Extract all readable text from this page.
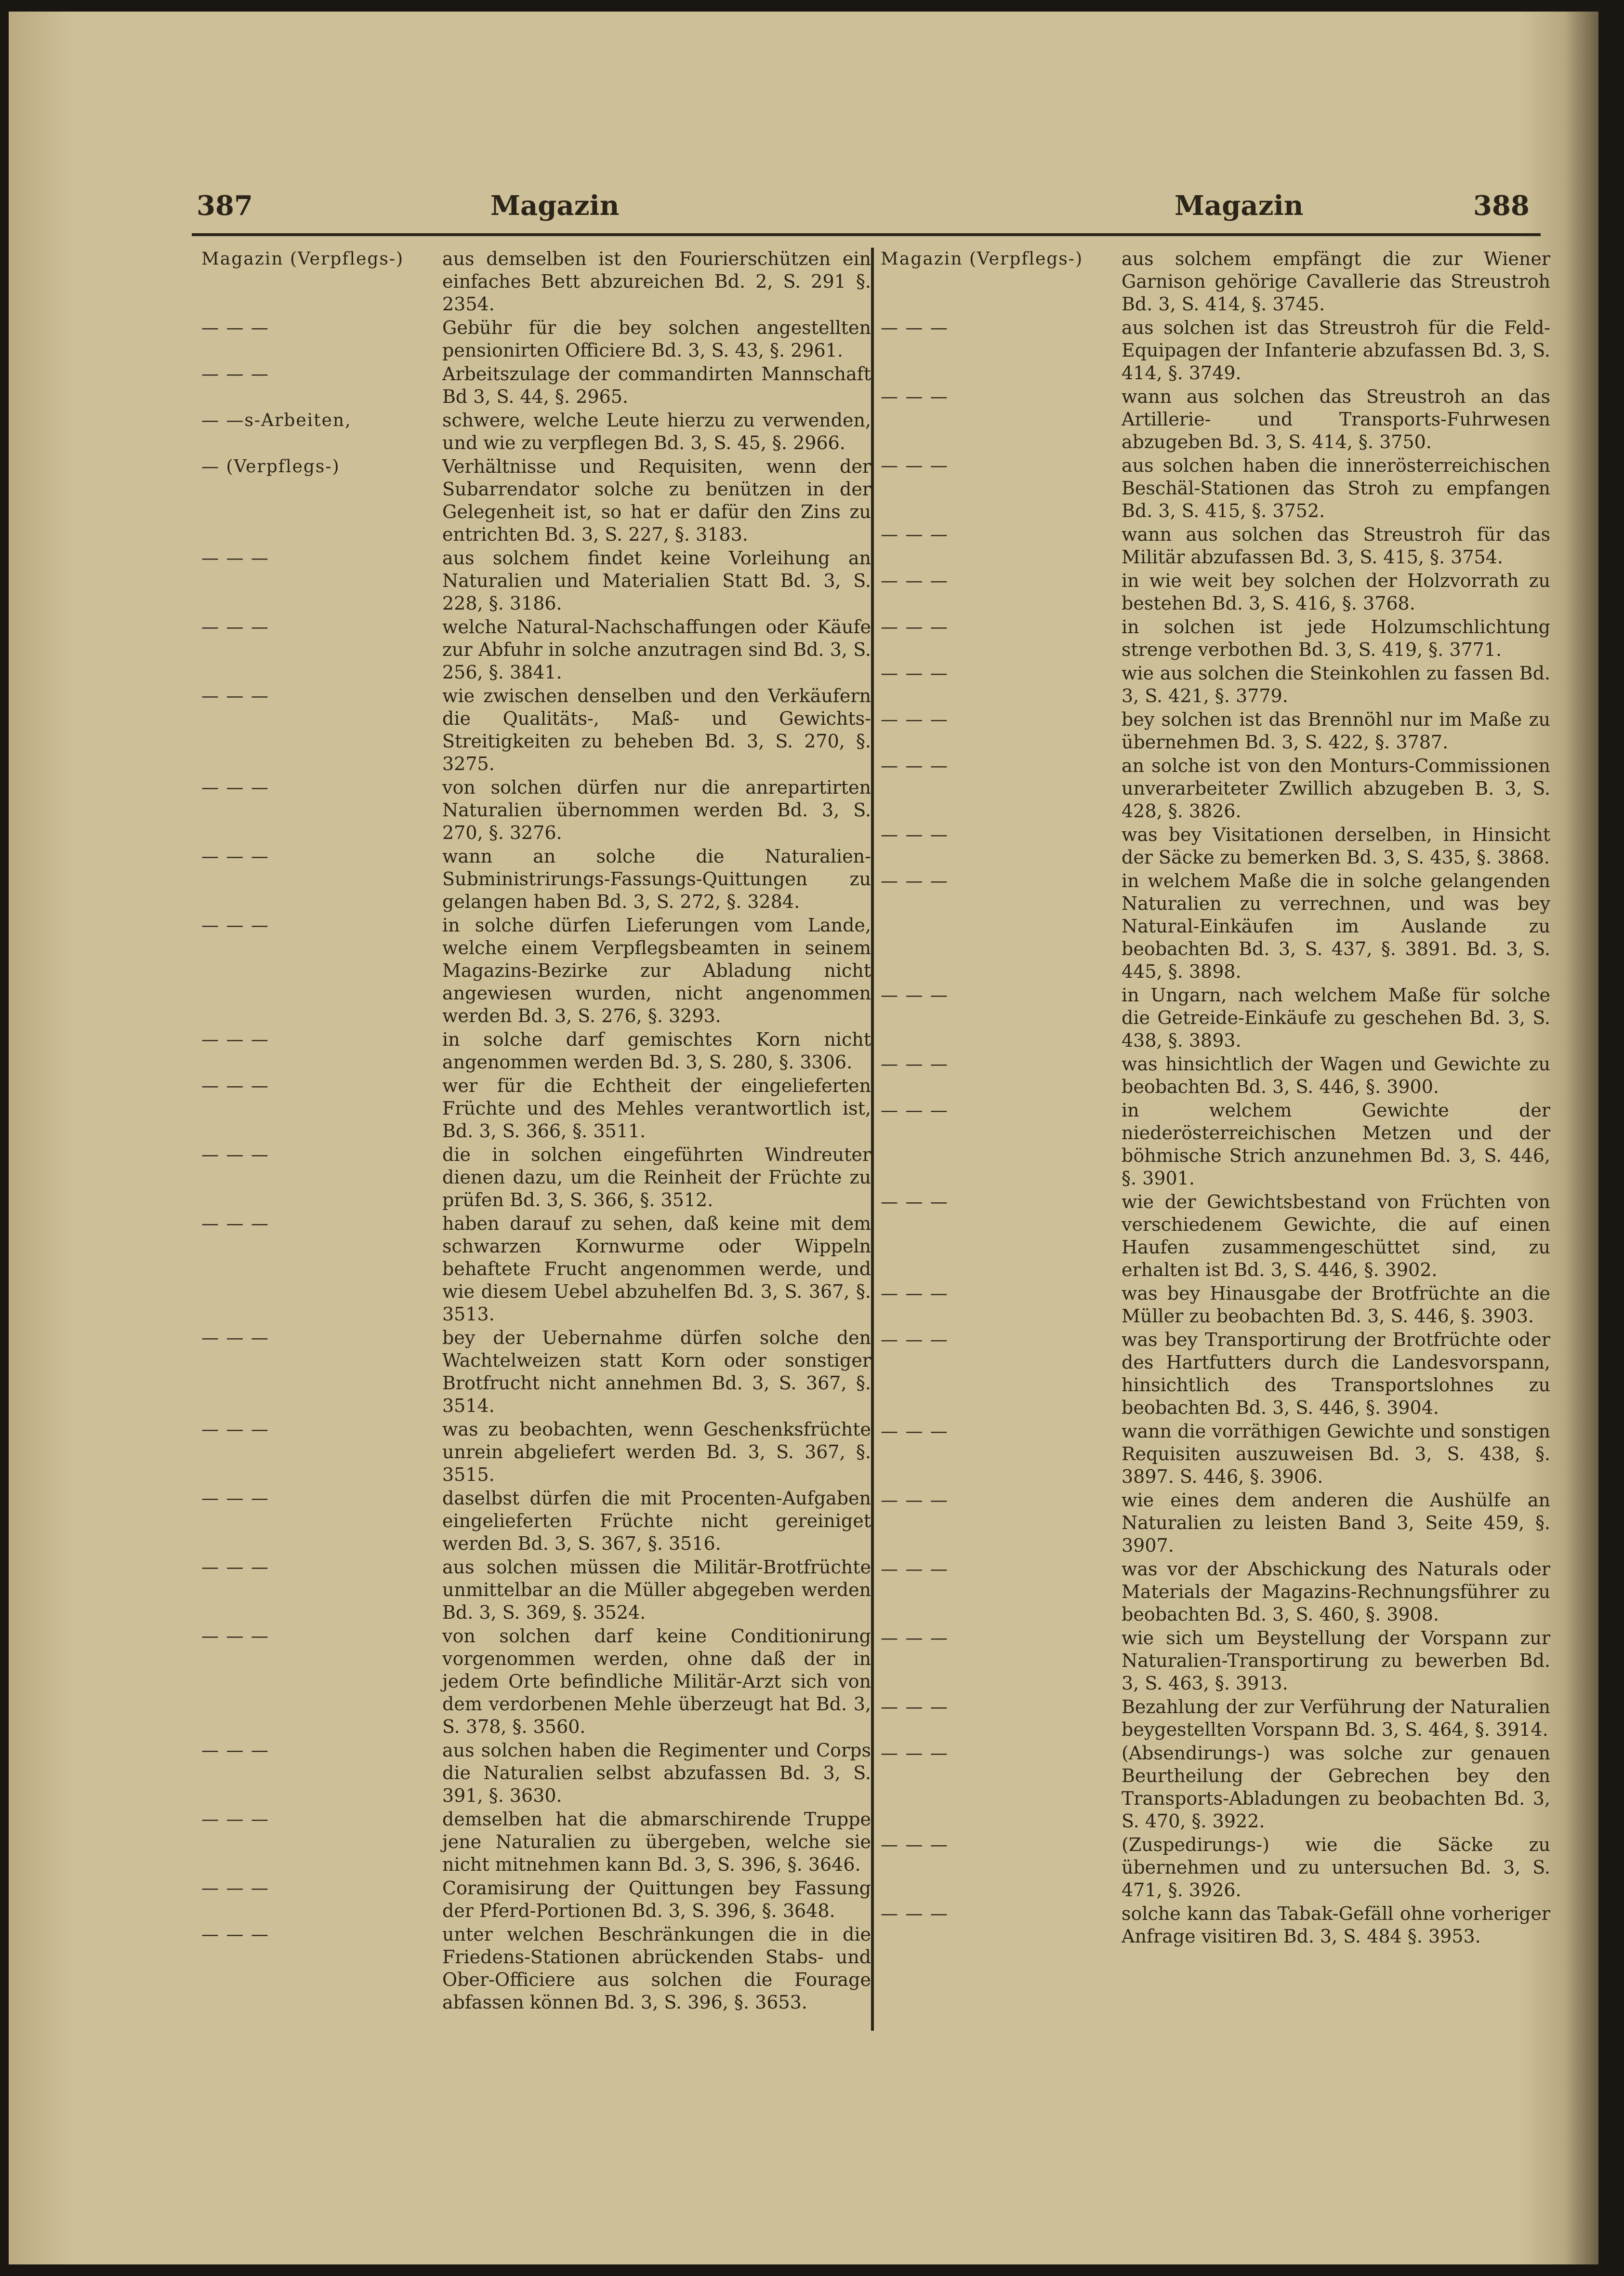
387	Magazin	Magazin	388
Magazin (Verpflegs-)	aus demselben ist den Fourierschützen ein einfaches Bett abzureichen Bd. 2, S. 291 §. 2354.
— — —	Gebühr für die bey solchen angestellten pensionirten Officiere Bd. 3, S. 43, §. 2961.
— — —	Arbeitszulage der commandirten Mannschaft Bd 3, S. 44, §. 2965.
— —s-Arbeiten,	schwere, welche Leute hierzu zu verwenden, und wie zu verpflegen Bd. 3, S. 45, §. 2966.
— (Verpflegs-)	Verhältnisse und Requisiten, wenn der Subarrendator solche zu benützen in der Gelegenheit ist, so hat er dafür den Zins zu entrichten Bd. 3, S. 227, §. 3183.
— — —	aus solchem findet keine Vorleihung an Naturalien und Materialien Statt Bd. 3, S. 228, §. 3186.
— — —	welche Natural-Nachschaffungen oder Käufe zur Abfuhr in solche anzutragen sind Bd. 3, S. 256, §. 3841.
— — —	wie zwischen denselben und den Verkäufern die Qualitäts-, Maß- und Gewichts-Streitigkeiten zu beheben Bd. 3, S. 270, §. 3275.
— — —	von solchen dürfen nur die anrepartirten Naturalien übernommen werden Bd. 3, S. 270, §. 3276.
— — —	wann an solche die Naturalien-Subministrirungs-Fassungs-Quittungen zu gelangen haben Bd. 3, S. 272, §. 3284.
— — —	in solche dürfen Lieferungen vom Lande, welche einem Verpflegsbeamten in seinem Magazins-Bezirke zur Abladung nicht angewiesen wurden, nicht angenommen werden Bd. 3, S. 276, §. 3293.
— — —	in solche darf gemischtes Korn nicht angenommen werden Bd. 3, S. 280, §. 3306.
— — —	wer für die Echtheit der eingelieferten Früchte und des Mehles verantwortlich ist, Bd. 3, S. 366, §. 3511.
— — —	die in solchen eingeführten Windreuter dienen dazu, um die Reinheit der Früchte zu prüfen Bd. 3, S. 366, §. 3512.
— — —	haben darauf zu sehen, daß keine mit dem schwarzen Kornwurme oder Wippeln behaftete Frucht angenommen werde, und wie diesem Uebel abzuhelfen Bd. 3, S. 367, §. 3513.
— — —	bey der Uebernahme dürfen solche den Wachtelweizen statt Korn oder sonstiger Brotfrucht nicht annehmen Bd. 3, S. 367, §. 3514.
— — —	was zu beobachten, wenn Geschenksfrüchte unrein abgeliefert werden Bd. 3, S. 367, §. 3515.
— — —	daselbst dürfen die mit Procenten-Aufgaben eingelieferten Früchte nicht gereiniget werden Bd. 3, S. 367, §. 3516.
— — —	aus solchen müssen die Militär-Brotfrüchte unmittelbar an die Müller abgegeben werden Bd. 3, S. 369, §. 3524.
— — —	von solchen darf keine Conditionirung vorgenommen werden, ohne daß der in jedem Orte befindliche Militär-Arzt sich von dem verdorbenen Mehle überzeugt hat Bd. 3, S. 378, §. 3560.
— — —	aus solchen haben die Regimenter und Corps die Naturalien selbst abzufassen Bd. 3, S. 391, §. 3630.
— — —	demselben hat die abmarschirende Truppe jene Naturalien zu übergeben, welche sie nicht mitnehmen kann Bd. 3, S. 396, §. 3646.
— — —	Coramisirung der Quittungen bey Fassung der Pferd-Portionen Bd. 3, S. 396, §. 3648.
— — —	unter welchen Beschränkungen die in die Friedens-Stationen abrückenden Stabs- und Ober-Officiere aus solchen die Fourage abfassen können Bd. 3, S. 396, §. 3653.
Magazin (Verpflegs-)	aus solchem empfängt die zur Wiener Garnison gehörige Cavallerie das Streustroh Bd. 3, S. 414, §. 3745.
— — —	aus solchen ist das Streustroh für die Feld-Equipagen der Infanterie abzufassen Bd. 3, S. 414, §. 3749.
— — —	wann aus solchen das Streustroh an das Artillerie- und Transports-Fuhrwesen abzugeben Bd. 3, S. 414, §. 3750.
— — —	aus solchen haben die innerösterreichischen Beschäl-Stationen das Stroh zu empfangen Bd. 3, S. 415, §. 3752.
— — —	wann aus solchen das Streustroh für das Militär abzufassen Bd. 3, S. 415, §. 3754.
— — —	in wie weit bey solchen der Holzvorrath zu bestehen Bd. 3, S. 416, §. 3768.
— — —	in solchen ist jede Holzumschlichtung strenge verbothen Bd. 3, S. 419, §. 3771.
— — —	wie aus solchen die Steinkohlen zu fassen Bd. 3, S. 421, §. 3779.
— — —	bey solchen ist das Brennöhl nur im Maße zu übernehmen Bd. 3, S. 422, §. 3787.
— — —	an solche ist von den Monturs-Commissionen unverarbeiteter Zwillich abzugeben B. 3, S. 428, §. 3826.
— — —	was bey Visitationen derselben, in Hinsicht der Säcke zu bemerken Bd. 3, S. 435, §. 3868.
— — —	in welchem Maße die in solche gelangenden Naturalien zu verrechnen, und was bey Natural-Einkäufen im Auslande zu beobachten Bd. 3, S. 437, §. 3891. Bd. 3, S. 445, §. 3898.
— — —	in Ungarn, nach welchem Maße für solche die Getreide-Einkäufe zu geschehen Bd. 3, S. 438, §. 3893.
— — —	was hinsichtlich der Wagen und Gewichte zu beobachten Bd. 3, S. 446, §. 3900.
— — —	in welchem Gewichte der niederösterreichischen Metzen und der böhmische Strich anzunehmen Bd. 3, S. 446, §. 3901.
— — —	wie der Gewichtsbestand von Früchten von verschiedenem Gewichte, die auf einen Haufen zusammengeschüttet sind, zu erhalten ist Bd. 3, S. 446, §. 3902.
— — —	was bey Hinausgabe der Brotfrüchte an die Müller zu beobachten Bd. 3, S. 446, §. 3903.
— — —	was bey Transportirung der Brotfrüchte oder des Hartfutters durch die Landesvorspann, hinsichtlich des Transportslohnes zu beobachten Bd. 3, S. 446, §. 3904.
— — —	wann die vorräthigen Gewichte und sonstigen Requisiten auszuweisen Bd. 3, S. 438, §. 3897. S. 446, §. 3906.
— — —	wie eines dem anderen die Aushülfe an Naturalien zu leisten Band 3, Seite 459, §. 3907.
— — —	was vor der Abschickung des Naturals oder Materials der Magazins-Rechnungsführer zu beobachten Bd. 3, S. 460, §. 3908.
— — —	wie sich um Beystellung der Vorspann zur Naturalien-Transportirung zu bewerben Bd. 3, S. 463, §. 3913.
— — —	Bezahlung der zur Verführung der Naturalien beygestellten Vorspann Bd. 3, S. 464, §. 3914.
— — —	(Absendirungs-) was solche zur genauen Beurtheilung der Gebrechen bey den Transports-Abladungen zu beobachten Bd. 3, S. 470, §. 3922.
— — —	(Zuspedirungs-) wie die Säcke zu übernehmen und zu untersuchen Bd. 3, S. 471, §. 3926.
— — —	solche kann das Tabak-Gefäll ohne vorheriger Anfrage visitiren Bd. 3, S. 484 §. 3953.
